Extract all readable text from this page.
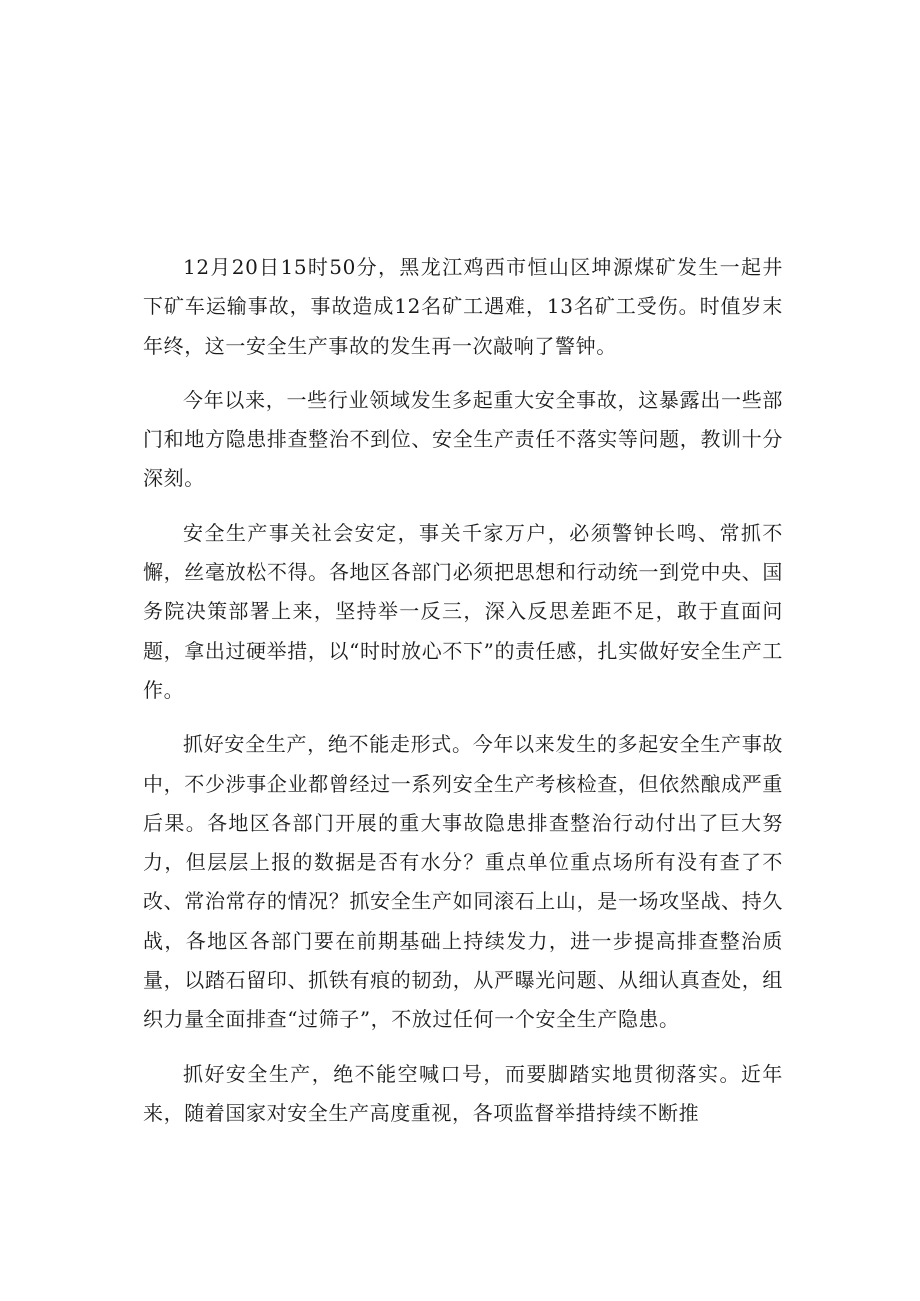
12月20日15时50分，黑龙江鸡西市恒山区坤源煤矿发生一起井下矿车运输事故，事故造成12名矿工遇难，13名矿工受伤。时值岁末年终，这一安全生产事故的发生再一次敲响了警钟。

今年以来，一些行业领域发生多起重大安全事故，这暴露出一些部门和地方隐患排查整治不到位、安全生产责任不落实等问题，教训十分深刻。

安全生产事关社会安定，事关千家万户，必须警钟长鸣、常抓不懈，丝毫放松不得。各地区各部门必须把思想和行动统一到党中央、国务院决策部署上来，坚持举一反三，深入反思差距不足，敢于直面问题，拿出过硬举措，以“时时放心不下”的责任感，扎实做好安全生产工作。

抓好安全生产，绝不能走形式。今年以来发生的多起安全生产事故中，不少涉事企业都曾经过一系列安全生产考核检查，但依然酿成严重后果。各地区各部门开展的重大事故隐患排查整治行动付出了巨大努力，但层层上报的数据是否有水分？重点单位重点场所有没有查了不改、常治常存的情况？抓安全生产如同滚石上山，是一场攻坚战、持久战，各地区各部门要在前期基础上持续发力，进一步提高排查整治质量，以踏石留印、抓铁有痕的韧劲，从严曝光问题、从细认真查处，组织力量全面排查“过筛子”，不放过任何一个安全生产隐患。

抓好安全生产，绝不能空喊口号，而要脚踏实地贯彻落实。近年来，随着国家对安全生产高度重视，各项监督举措持续不断推
